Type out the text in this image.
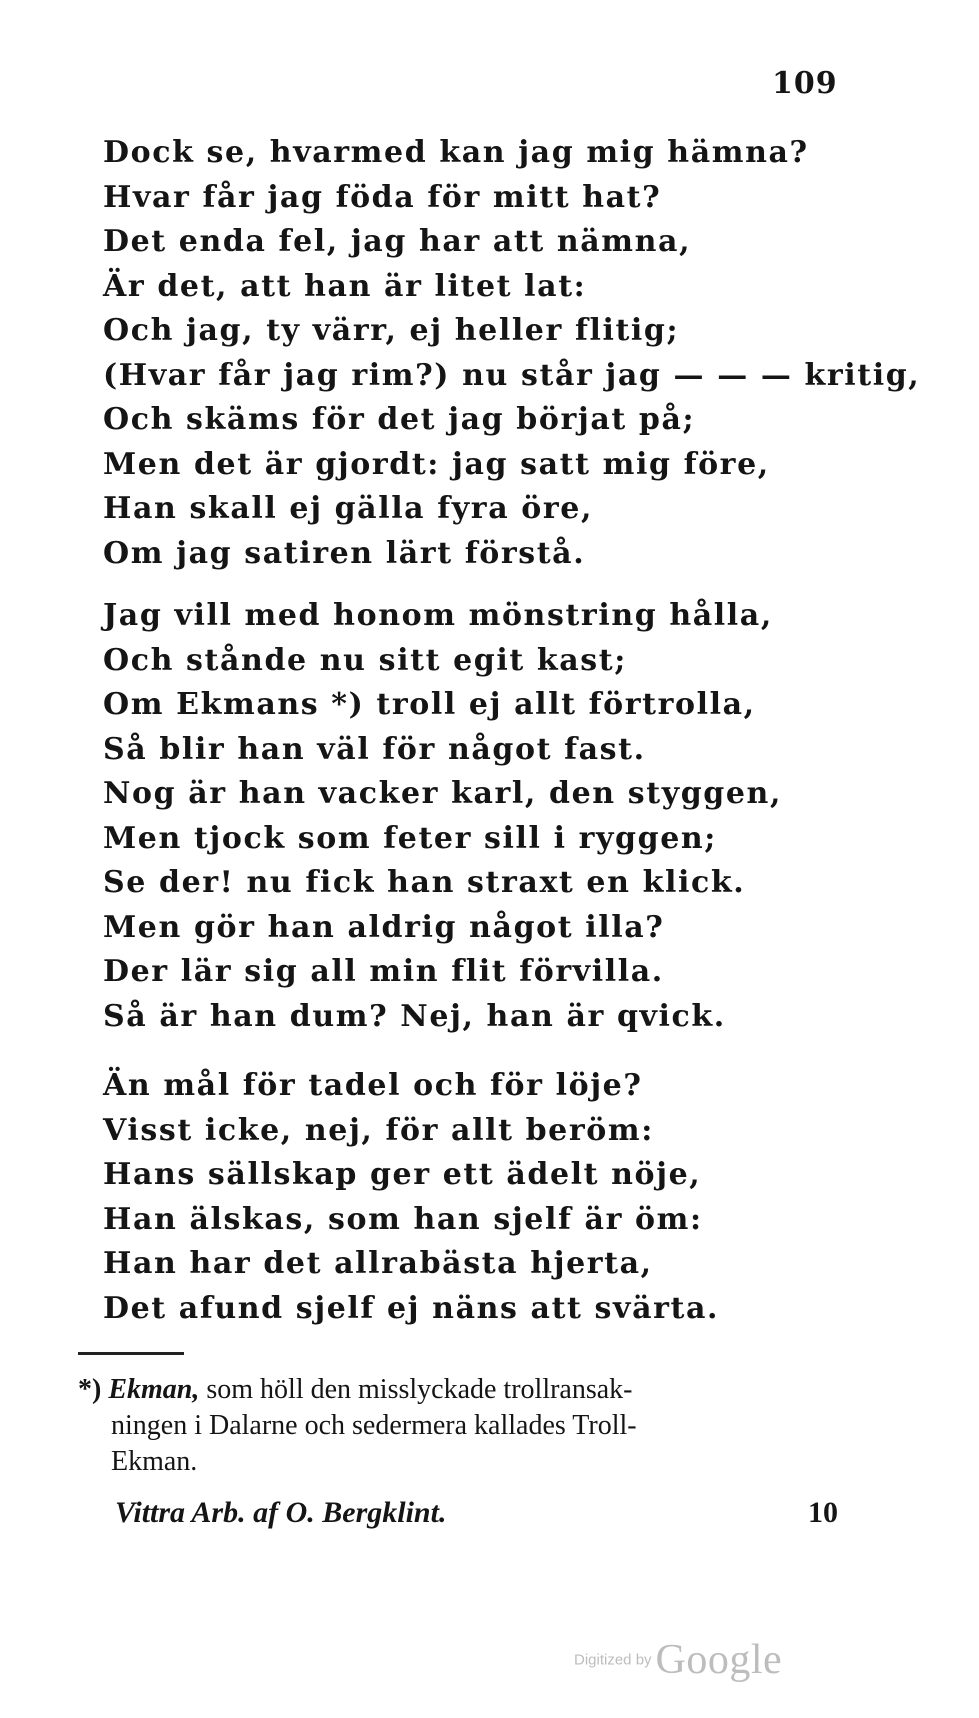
109
Dock se, hvarmed kan jag mig hämna?
Hvar får jag föda för mitt hat?
Det enda fel, jag har att nämna,
Är det, att han är litet lat:
Och jag, ty värr, ej heller flitig;
(Hvar får jag rim?) nu står jag — — — kritig,
Och skäms för det jag börjat på;
Men det är gjordt: jag satt mig före,
Han skall ej gälla fyra öre,
Om jag satiren lärt förstå.
Jag vill med honom mönstring hålla,
Och stånde nu sitt egit kast;
Om Ekmans *) troll ej allt förtrolla,
Så blir han väl för något fast.
Nog är han vacker karl, den styggen,
Men tjock som feter sill i ryggen;
Se der! nu fick han straxt en klick.
Men gör han aldrig något illa?
Der lär sig all min flit förvilla.
Så är han dum? Nej, han är qvick.
Än mål för tadel och för löje?
Visst icke, nej, för allt beröm:
Hans sällskap ger ett ädelt nöje,
Han älskas, som han sjelf är öm:
Han har det allrabästa hjerta,
Det afund sjelf ej näns att svärta.
*) Ekman, som höll den misslyckade trollransak-
ningen i Dalarne och sedermera kallades Troll-
Ekman.
Vittra Arb. af O. Bergklint.	10
Digitized by Google
